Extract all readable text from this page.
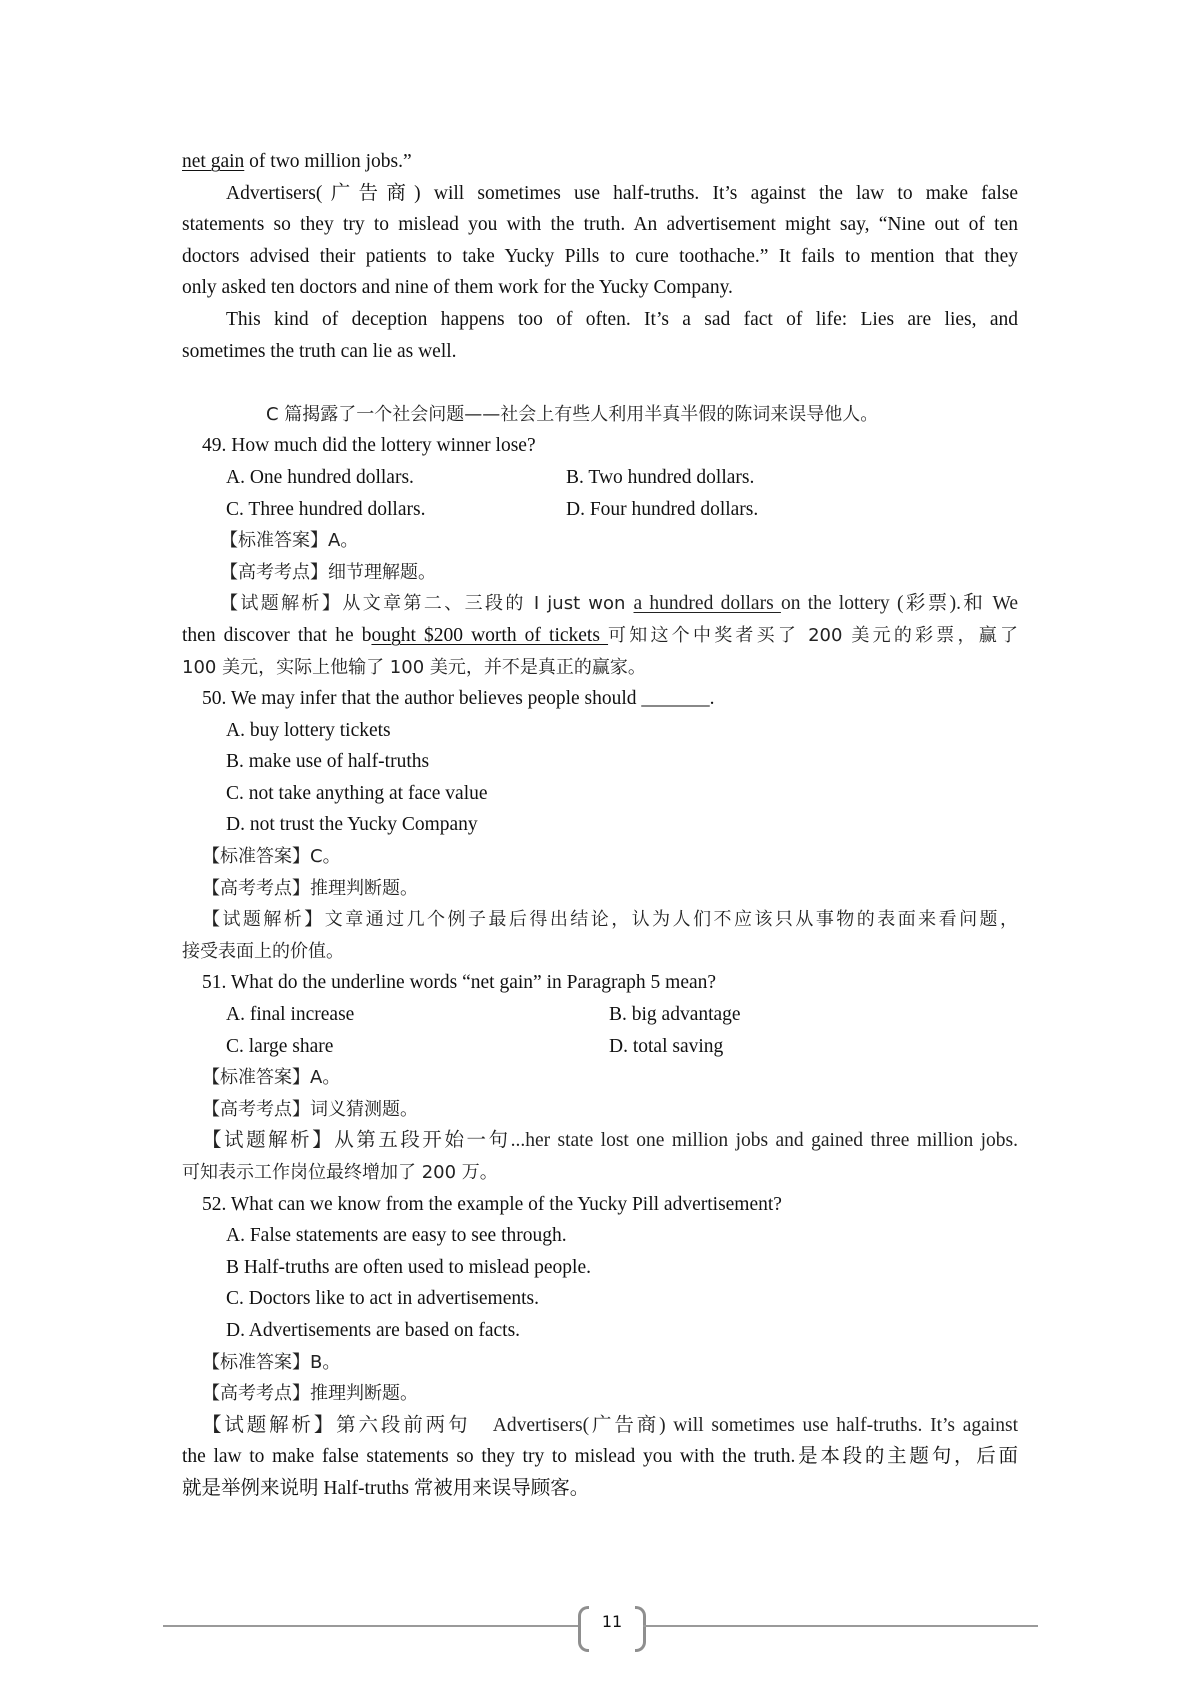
net gain of two million jobs.”
Advertisers(广告商) will sometimes use half-truths. It’s against the law to make false
statements so they try to mislead you with the truth. An advertisement might say, “Nine out of ten
doctors advised their patients to take Yucky Pills to cure toothache.” It fails to mention that they
only asked ten doctors and nine of them work for the Yucky Company.
This kind of deception happens too of often. It’s a sad fact of life: Lies are lies, and
sometimes the truth can lie as well.
C 篇揭露了一个社会问题——社会上有些人利用半真半假的陈词来误导他人。
49. How much did the lottery winner lose?
A. One hundred dollars.	B. Two hundred dollars.
C. Three hundred dollars.	D. Four hundred dollars.
【标准答案】A。
【高考考点】细节理解题。
【试题解析】从文章第二、三段的 I just won a hundred dollars on the lottery (彩票).和 We
then discover that he bought $200 worth of tickets 可知这个中奖者买了 200 美元的彩票，赢了
100 美元，实际上他输了 100 美元，并不是真正的赢家。
50. We may infer that the author believes people should _______.
A. buy lottery tickets
B. make use of half-truths
C. not take anything at face value
D. not trust the Yucky Company
【标准答案】C。
【高考考点】推理判断题。
【试题解析】文章通过几个例子最后得出结论，认为人们不应该只从事物的表面来看问题，
接受表面上的价值。
51. What do the underline words “net gain” in Paragraph 5 mean?
A. final increase	B. big advantage
C. large share	D. total saving
【标准答案】A。
【高考考点】词义猜测题。
【试题解析】从第五段开始一句...her state lost one million jobs and gained three million jobs.
可知表示工作岗位最终增加了 200 万。
52. What can we know from the example of the Yucky Pill advertisement?
A. False statements are easy to see through.
B Half-truths are often used to mislead people.
C. Doctors like to act in advertisements.
D. Advertisements are based on facts.
【标准答案】B。
【高考考点】推理判断题。
【试题解析】第六段前两句　Advertisers(广告商) will sometimes use half-truths. It’s against
the law to make false statements so they try to mislead you with the truth.是本段的主题句，后面
就是举例来说明 Half-truths 常被用来误导顾客。
11
